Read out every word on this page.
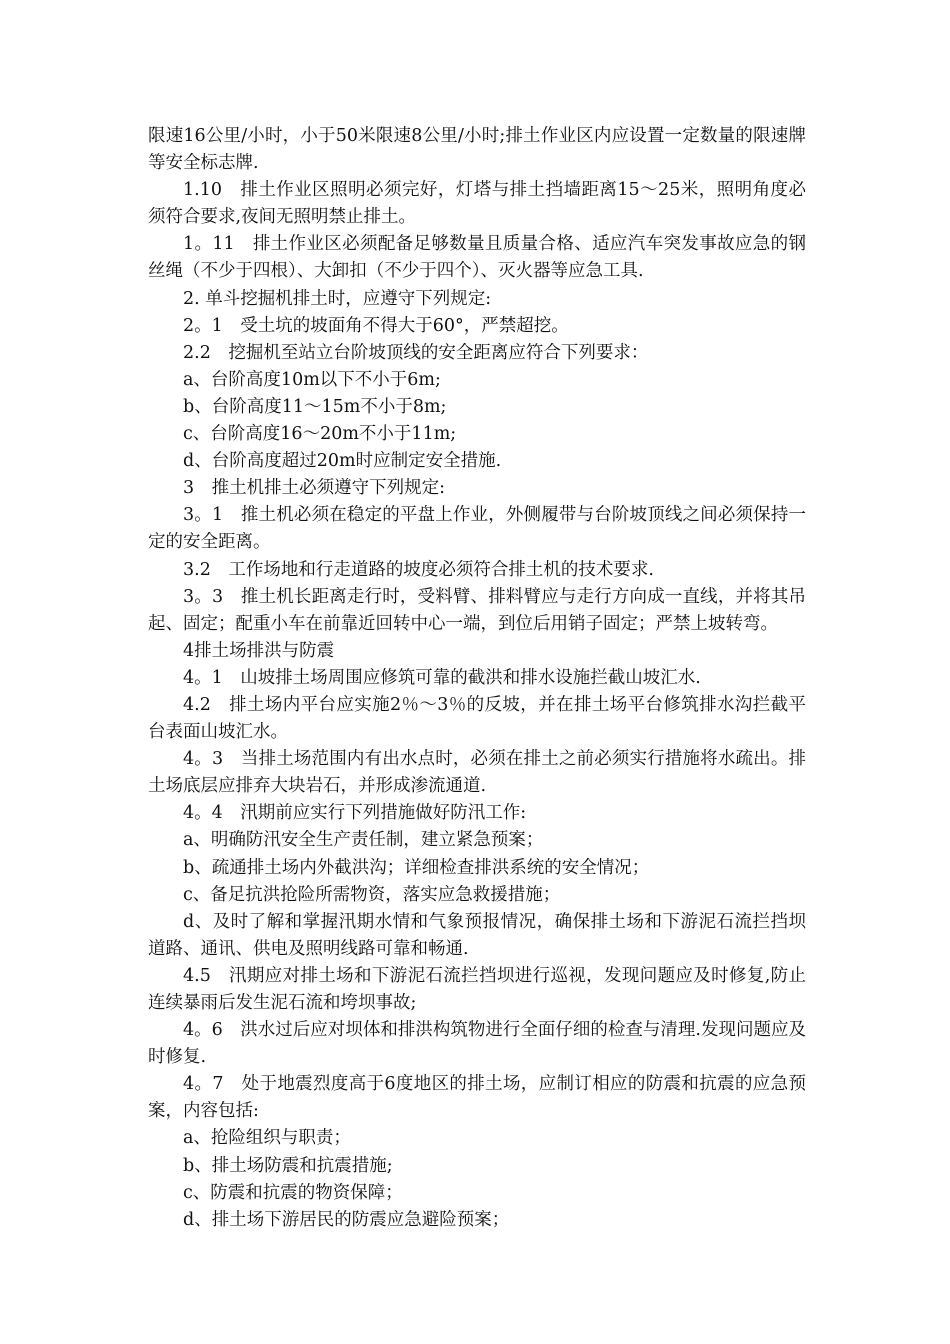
限速16公里/小时，小于50米限速8公里/小时;排土作业区内应设置一定数量的限速牌等安全标志牌.

1.10　排土作业区照明必须完好，灯塔与排土挡墙距离15～25米，照明角度必须符合要求,夜间无照明禁止排土。

1。11　排土作业区必须配备足够数量且质量合格、适应汽车突发事故应急的钢丝绳（不少于四根）、大卸扣（不少于四个）、灭火器等应急工具.

2. 单斗挖掘机排土时，应遵守下列规定:

2。1　受土坑的坡面角不得大于60°，严禁超挖。

2.2　挖掘机至站立台阶坡顶线的安全距离应符合下列要求：

a、台阶高度10m以下不小于6m;

b、台阶高度11～15m不小于8m;

c、台阶高度16～20m不小于11m;

d、台阶高度超过20m时应制定安全措施.

3　推土机排土必须遵守下列规定:

3。1　推土机必须在稳定的平盘上作业，外侧履带与台阶坡顶线之间必须保持一定的安全距离。

3.2　工作场地和行走道路的坡度必须符合排土机的技术要求.

3。3　推土机长距离走行时，受料臂、排料臂应与走行方向成一直线，并将其吊起、固定；配重小车在前靠近回转中心一端，到位后用销子固定；严禁上坡转弯。

4排土场排洪与防震

4。1　山坡排土场周围应修筑可靠的截洪和排水设施拦截山坡汇水.

4.2　排土场内平台应实施2％～3％的反坡，并在排土场平台修筑排水沟拦截平台表面山坡汇水。

4。3　当排土场范围内有出水点时，必须在排土之前必须实行措施将水疏出。排土场底层应排弃大块岩石，并形成渗流通道.

4。4　汛期前应实行下列措施做好防汛工作:

a、明确防汛安全生产责任制，建立紧急预案；

b、疏通排土场内外截洪沟；详细检查排洪系统的安全情况；

c、备足抗洪抢险所需物资，落实应急救援措施；

d、及时了解和掌握汛期水情和气象预报情况，确保排土场和下游泥石流拦挡坝道路、通讯、供电及照明线路可靠和畅通.

4.5　汛期应对排土场和下游泥石流拦挡坝进行巡视，发现问题应及时修复,防止连续暴雨后发生泥石流和垮坝事故;

4。6　洪水过后应对坝体和排洪构筑物进行全面仔细的检查与清理.发现问题应及时修复.

4。7　处于地震烈度高于6度地区的排土场，应制订相应的防震和抗震的应急预案，内容包括:

a、抢险组织与职责；

b、排土场防震和抗震措施;

c、防震和抗震的物资保障；

d、排土场下游居民的防震应急避险预案；
